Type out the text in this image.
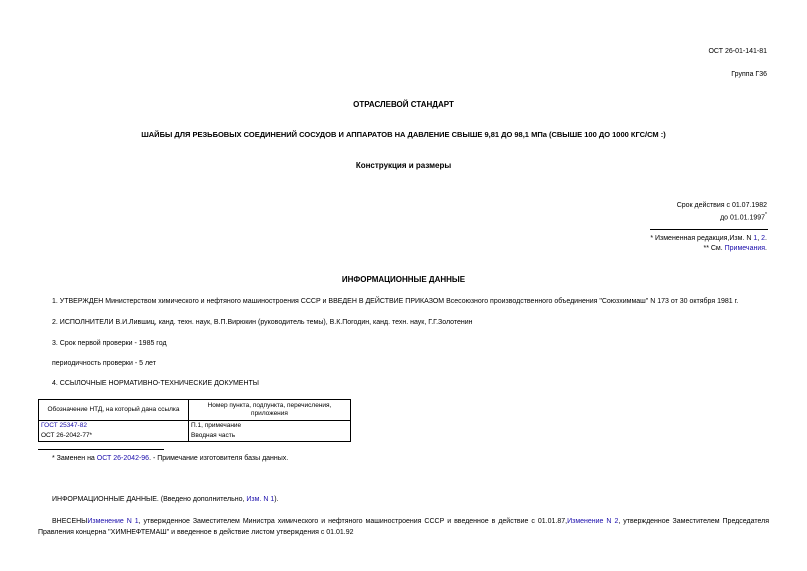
ОСТ 26-01-141-81
Группа Г36
ОТРАСЛЕВОЙ СТАНДАРТ
ШАЙБЫ ДЛЯ РЕЗЬБОВЫХ СОЕДИНЕНИЙ СОСУДОВ И АППАРАТОВ НА ДАВЛЕНИЕ СВЫШЕ 9,81 ДО 98,1 МПа (СВЫШЕ 100 ДО 1000 КГС/СМ :)
Конструкция и размеры
Срок действия с 01.07.1982
до 01.01.1997*
* Измененная редакция,Изм. N 1, 2.
** См. Примечания.
ИНФОРМАЦИОННЫЕ ДАННЫЕ
1. УТВЕРЖДЕН Министерством химического и нефтяного машиностроения СССР и ВВЕДЕН В ДЕЙСТВИЕ ПРИКАЗОМ Всесоюзного производственного объединения "Союзхиммаш" N 173 от 30 октября 1981 г.
2. ИСПОЛНИТЕЛИ В.И.Лившиц, канд. техн. наук, В.П.Вирюкин (руководитель темы), В.К.Погодин, канд. техн. наук, Г.Г.Золотенин
3. Срок первой проверки - 1985 год
периодичность проверки - 5 лет
4. ССЫЛОЧНЫЕ НОРМАТИВНО-ТЕХНИЧЕСКИЕ ДОКУМЕНТЫ
Обозначение НТД, на который дана ссылка	Номер пункта, подпункта, перечисления, приложения
ГОСТ 25347-82	П.1, примечание
ОСТ 26-2042-77*	Вводная часть
* Заменен на ОСТ 26-2042-96. - Примечание изготовителя базы данных.
ИНФОРМАЦИОННЫЕ ДАННЫЕ. (Введено дополнительно, Изм. N 1).
ВНЕСЕНЫИзменение N 1, утвержденное Заместителем Министра химического и нефтяного машиностроения СССР и введенное в действие с 01.01.87,Изменение N 2, утвержденное Заместителем Председателя Правления концерна "ХИМНЕФТЕМАШ" и введенное в действие листом утверждения с 01.01.92
